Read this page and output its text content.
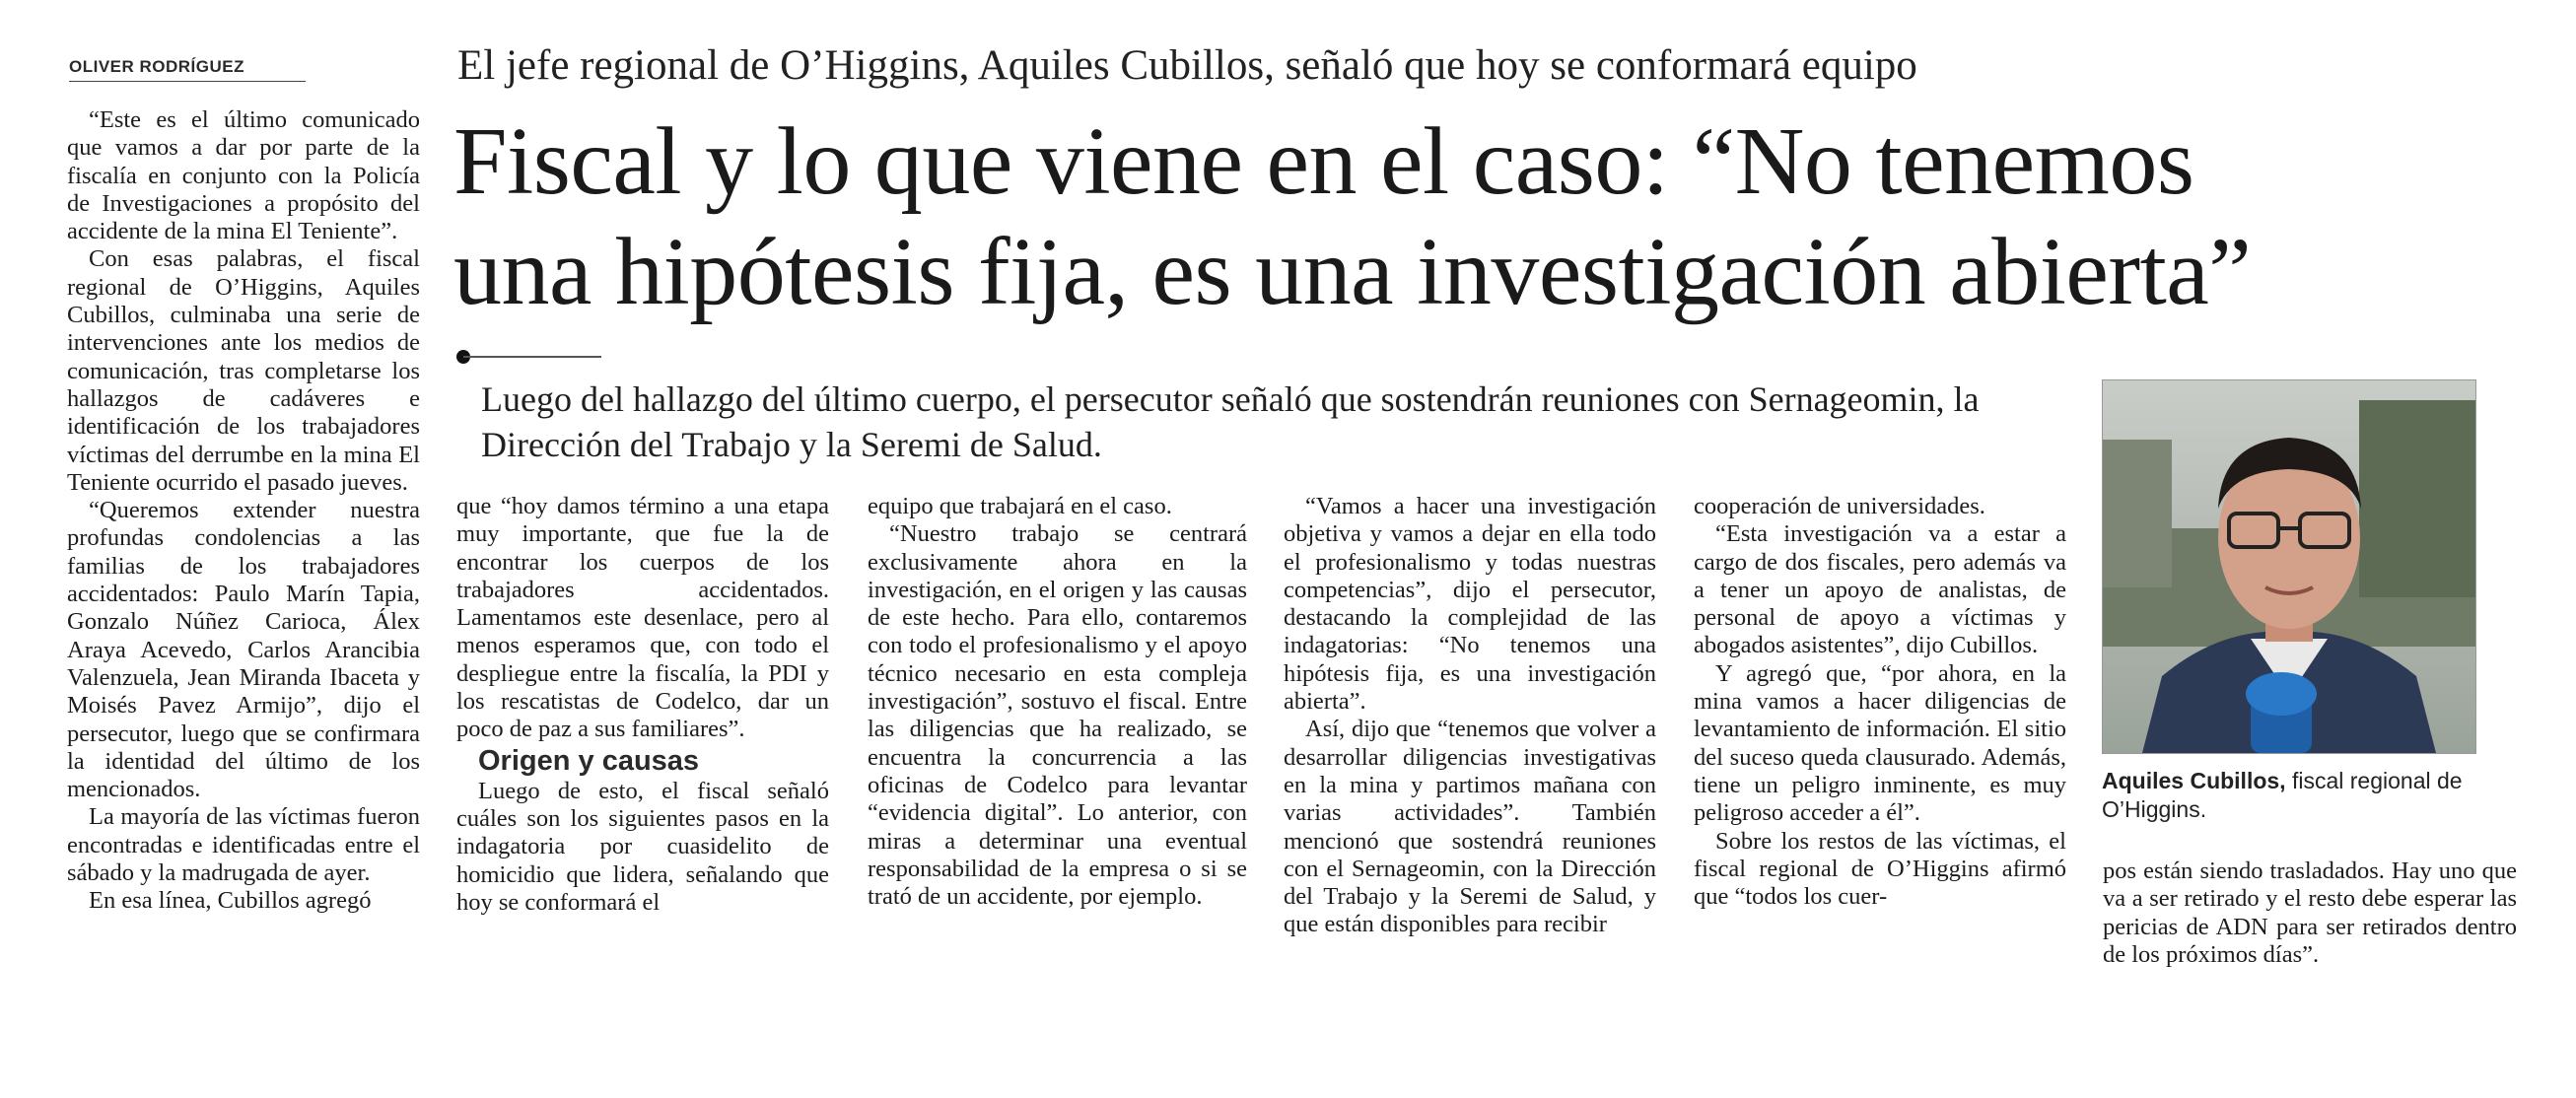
OLIVER RODRÍGUEZ	El jefe regional de O’Higgins, Aquiles Cubillos, señaló que hoy se conformará equipo
Fiscal y lo que viene en el caso: “No tenemos
una hipótesis fija, es una investigación abierta”
Luego del hallazgo del último cuerpo, el persecutor señaló que sostendrán reuniones con Sernageomin, la Dirección del Trabajo y la Seremi de Salud.

“Este es el último comunicado que vamos a dar por parte de la fiscalía en conjunto con la Policía de Investigaciones a propósito del accidente de la mina El Teniente”.

Con esas palabras, el fiscal regional de O’Higgins, Aquiles Cubillos, culminaba una serie de intervenciones ante los medios de comunicación, tras completarse los hallazgos de cadáveres e identificación de los trabajadores víctimas del derrumbe en la mina El Teniente ocurrido el pasado jueves.

“Queremos extender nuestra profundas condolencias a las familias de los trabajadores accidentados: Paulo Marín Tapia, Gonzalo Núñez Carioca, Álex Araya Acevedo, Carlos Arancibia Valenzuela, Jean Miranda Ibaceta y Moisés Pavez Armijo”, dijo el persecutor, luego que se confirmara la identidad del último de los mencionados.

La mayoría de las víctimas fueron encontradas e identificadas entre el sábado y la madrugada de ayer.

En esa línea, Cubillos agregó

que “hoy damos término a una etapa muy importante, que fue la de encontrar los cuerpos de los trabajadores accidentados. Lamentamos este desenlace, pero al menos esperamos que, con todo el despliegue entre la fiscalía, la PDI y los rescatistas de Codelco, dar un poco de paz a sus familiares”.

Origen y causas

Luego de esto, el fiscal señaló cuáles son los siguientes pasos en la indagatoria por cuasidelito de homicidio que lidera, señalando que hoy se conformará el

equipo que trabajará en el caso.

“Nuestro trabajo se centrará exclusivamente ahora en la investigación, en el origen y las causas de este hecho. Para ello, contaremos con todo el profesionalismo y el apoyo técnico necesario en esta compleja investigación”, sostuvo el fiscal. Entre las diligencias que ha realizado, se encuentra la concurrencia a las oficinas de Codelco para levantar “evidencia digital”. Lo anterior, con miras a determinar una eventual responsabilidad de la empresa o si se trató de un accidente, por ejemplo.

“Vamos a hacer una investigación objetiva y vamos a dejar en ella todo el profesionalismo y todas nuestras competencias”, dijo el persecutor, destacando la complejidad de las indagatorias: “No tenemos una hipótesis fija, es una investigación abierta”.

Así, dijo que “tenemos que volver a desarrollar diligencias investigativas en la mina y partimos mañana con varias actividades”. También mencionó que sostendrá reuniones con el Sernageomin, con la Dirección del Trabajo y la Seremi de Salud, y que están disponibles para recibir

cooperación de universidades.

“Esta investigación va a estar a cargo de dos fiscales, pero además va a tener un apoyo de analistas, de personal de apoyo a víctimas y abogados asistentes”, dijo Cubillos.

Y agregó que, “por ahora, en la mina vamos a hacer diligencias de levantamiento de información. El sitio del suceso queda clausurado. Además, tiene un peligro inminente, es muy peligroso acceder a él”.

Sobre los restos de las víctimas, el fiscal regional de O’Higgins afirmó que “todos los cuer-

Aquiles Cubillos, fiscal regional de O’Higgins.

pos están siendo trasladados. Hay uno que va a ser retirado y el resto debe esperar las pericias de ADN para ser retirados dentro de los próximos días”.
